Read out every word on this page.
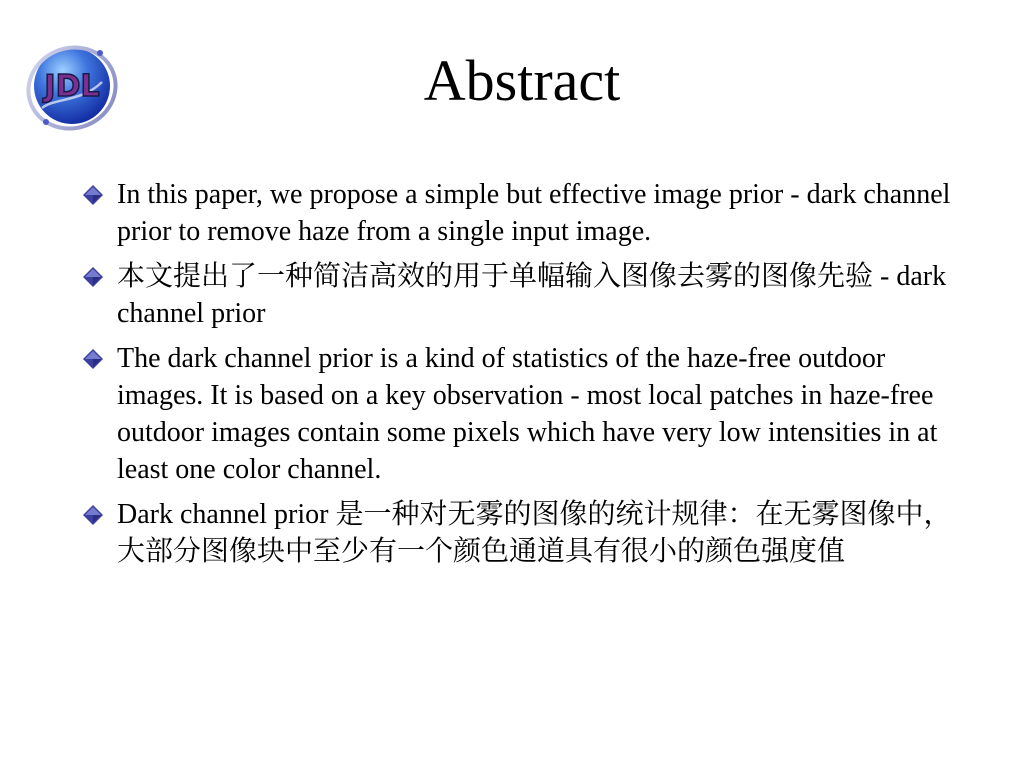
JDL	Abstract
In this paper, we propose a simple but effective image prior - dark channel prior to remove haze from a single input image.
本文提出了一种简洁高效的用于单幅输入图像去雾的图像先验 - dark channel prior
The dark channel prior is a kind of statistics of the haze-free outdoor images. It is based on a key observation - most local patches in haze-free outdoor images contain some pixels which have very low intensities in at least one color channel.
Dark channel prior 是一种对无雾的图像的统计规律：在无雾图像中，大部分图像块中至少有一个颜色通道具有很小的颜色强度值
